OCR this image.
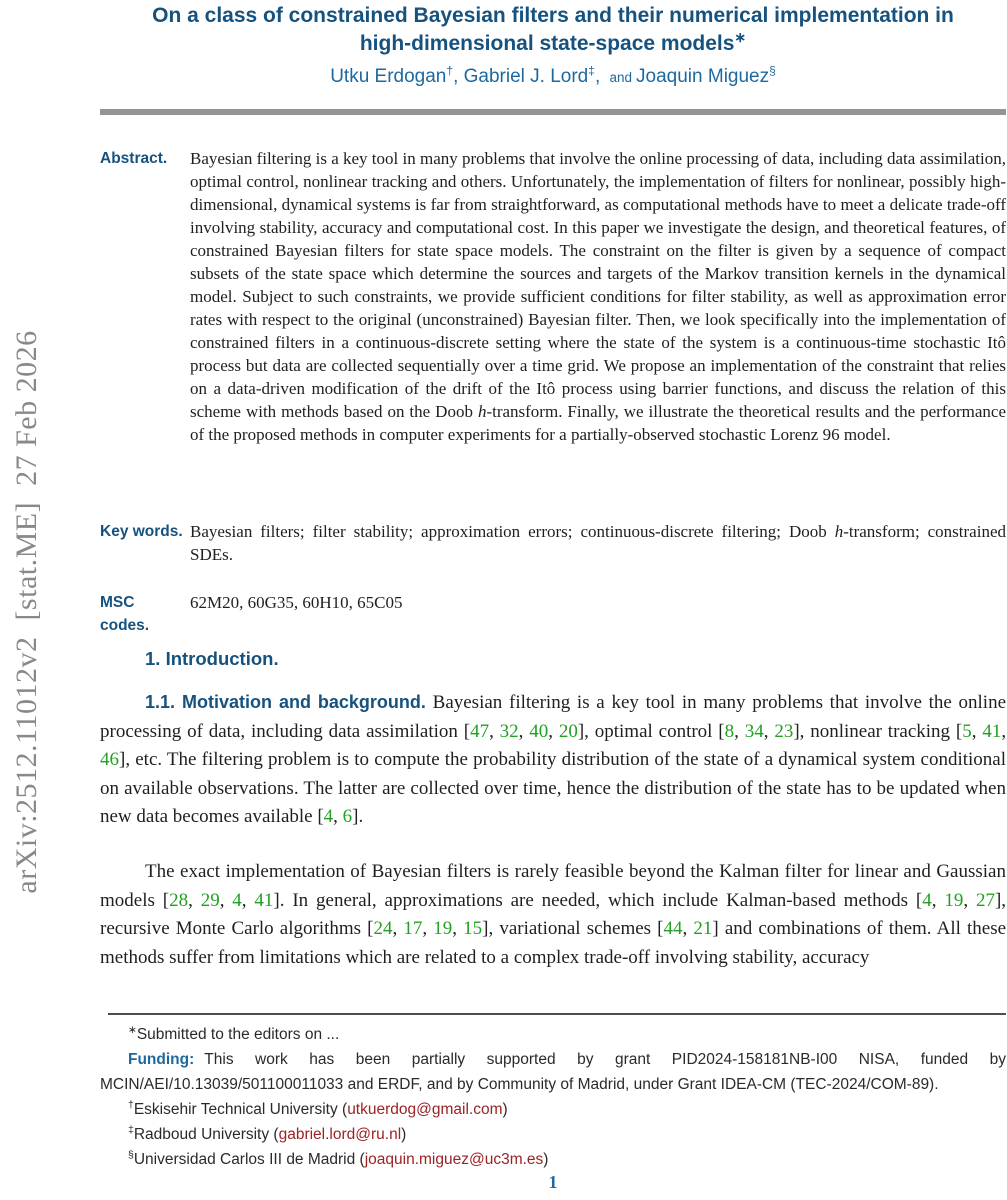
arXiv:2512.11012v2  [stat.ME]  27 Feb 2026
On a class of constrained Bayesian filters and their numerical implementation in
high-dimensional state-space models∗
Utku Erdogan†, Gabriel J. Lord‡, and Joaquin Miguez§
Abstract.	Bayesian filtering is a key tool in many problems that involve the online processing of data, including data assimilation, optimal control, nonlinear tracking and others. Unfortunately, the implementation of filters for nonlinear, possibly high-dimensional, dynamical systems is far from straightforward, as computational methods have to meet a delicate trade-off involving stability, accuracy and computational cost. In this paper we investigate the design, and theoretical features, of constrained Bayesian filters for state space models. The constraint on the filter is given by a sequence of compact subsets of the state space which determine the sources and targets of the Markov transition kernels in the dynamical model. Subject to such constraints, we provide sufficient conditions for filter stability, as well as approximation error rates with respect to the original (unconstrained) Bayesian filter. Then, we look specifically into the implementation of constrained filters in a continuous-discrete setting where the state of the system is a continuous-time stochastic Itô process but data are collected sequentially over a time grid. We propose an implementation of the constraint that relies on a data-driven modification of the drift of the Itô process using barrier functions, and discuss the relation of this scheme with methods based on the Doob h-transform. Finally, we illustrate the theoretical results and the performance of the proposed methods in computer experiments for a partially-observed stochastic Lorenz 96 model.
Key words. Bayesian filters; filter stability; approximation errors; continuous-discrete filtering; Doob h-transform; constrained SDEs.
MSC codes.
62M20, 60G35, 60H10, 65C05
1. Introduction.
1.1. Motivation and background. Bayesian filtering is a key tool in many problems that involve the online processing of data, including data assimilation [47, 32, 40, 20], optimal control [8, 34, 23], nonlinear tracking [5, 41, 46], etc. The filtering problem is to compute the probability distribution of the state of a dynamical system conditional on available observations. The latter are collected over time, hence the distribution of the state has to be updated when new data becomes available [4, 6].
The exact implementation of Bayesian filters is rarely feasible beyond the Kalman filter for linear and Gaussian models [28, 29, 4, 41]. In general, approximations are needed, which include Kalman-based methods [4, 19, 27], recursive Monte Carlo algorithms [24, 17, 19, 15], variational schemes [44, 21] and combinations of them. All these methods suffer from limitations which are related to a complex trade-off involving stability, accuracy
∗Submitted to the editors on ...
Funding: This work has been partially supported by grant PID2024-158181NB-I00 NISA, funded by MCIN/AEI/10.13039/501100011033 and ERDF, and by Community of Madrid, under Grant IDEA-CM (TEC-2024/COM-89).
†Eskisehir Technical University (utkuerdog@gmail.com)
‡Radboud University (gabriel.lord@ru.nl)
§Universidad Carlos III de Madrid (joaquin.miguez@uc3m.es)
1
